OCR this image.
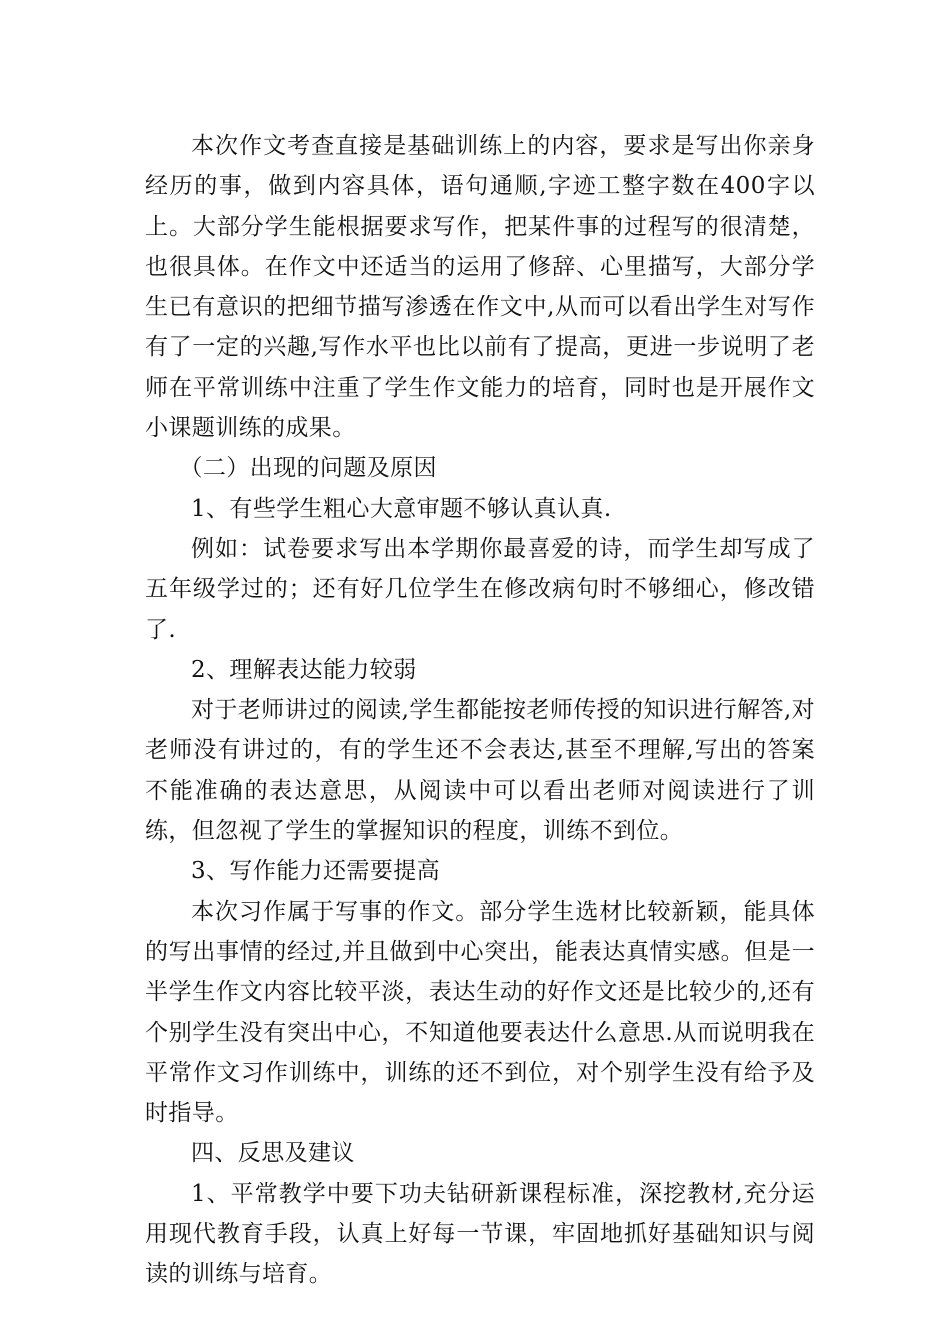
本次作文考查直接是基础训练上的内容，要求是写出你亲身经历的事，做到内容具体，语句通顺,字迹工整字数在400字以上。大部分学生能根据要求写作，把某件事的过程写的很清楚，也很具体。在作文中还适当的运用了修辞、心里描写，大部分学生已有意识的把细节描写渗透在作文中,从而可以看出学生对写作有了一定的兴趣,写作水平也比以前有了提高，更进一步说明了老师在平常训练中注重了学生作文能力的培育，同时也是开展作文小课题训练的成果。

（二）出现的问题及原因

1、有些学生粗心大意审题不够认真认真.

例如：试卷要求写出本学期你最喜爱的诗，而学生却写成了五年级学过的；还有好几位学生在修改病句时不够细心，修改错了.

2、理解表达能力较弱

对于老师讲过的阅读,学生都能按老师传授的知识进行解答,对老师没有讲过的，有的学生还不会表达,甚至不理解,写出的答案不能准确的表达意思，从阅读中可以看出老师对阅读进行了训练，但忽视了学生的掌握知识的程度，训练不到位。

3、写作能力还需要提高

本次习作属于写事的作文。部分学生选材比较新颖，能具体的写出事情的经过,并且做到中心突出，能表达真情实感。但是一半学生作文内容比较平淡，表达生动的好作文还是比较少的,还有个别学生没有突出中心，不知道他要表达什么意思.从而说明我在平常作文习作训练中，训练的还不到位，对个别学生没有给予及时指导。

四、反思及建议

1、平常教学中要下功夫钻研新课程标准，深挖教材,充分运用现代教育手段，认真上好每一节课，牢固地抓好基础知识与阅读的训练与培育。
